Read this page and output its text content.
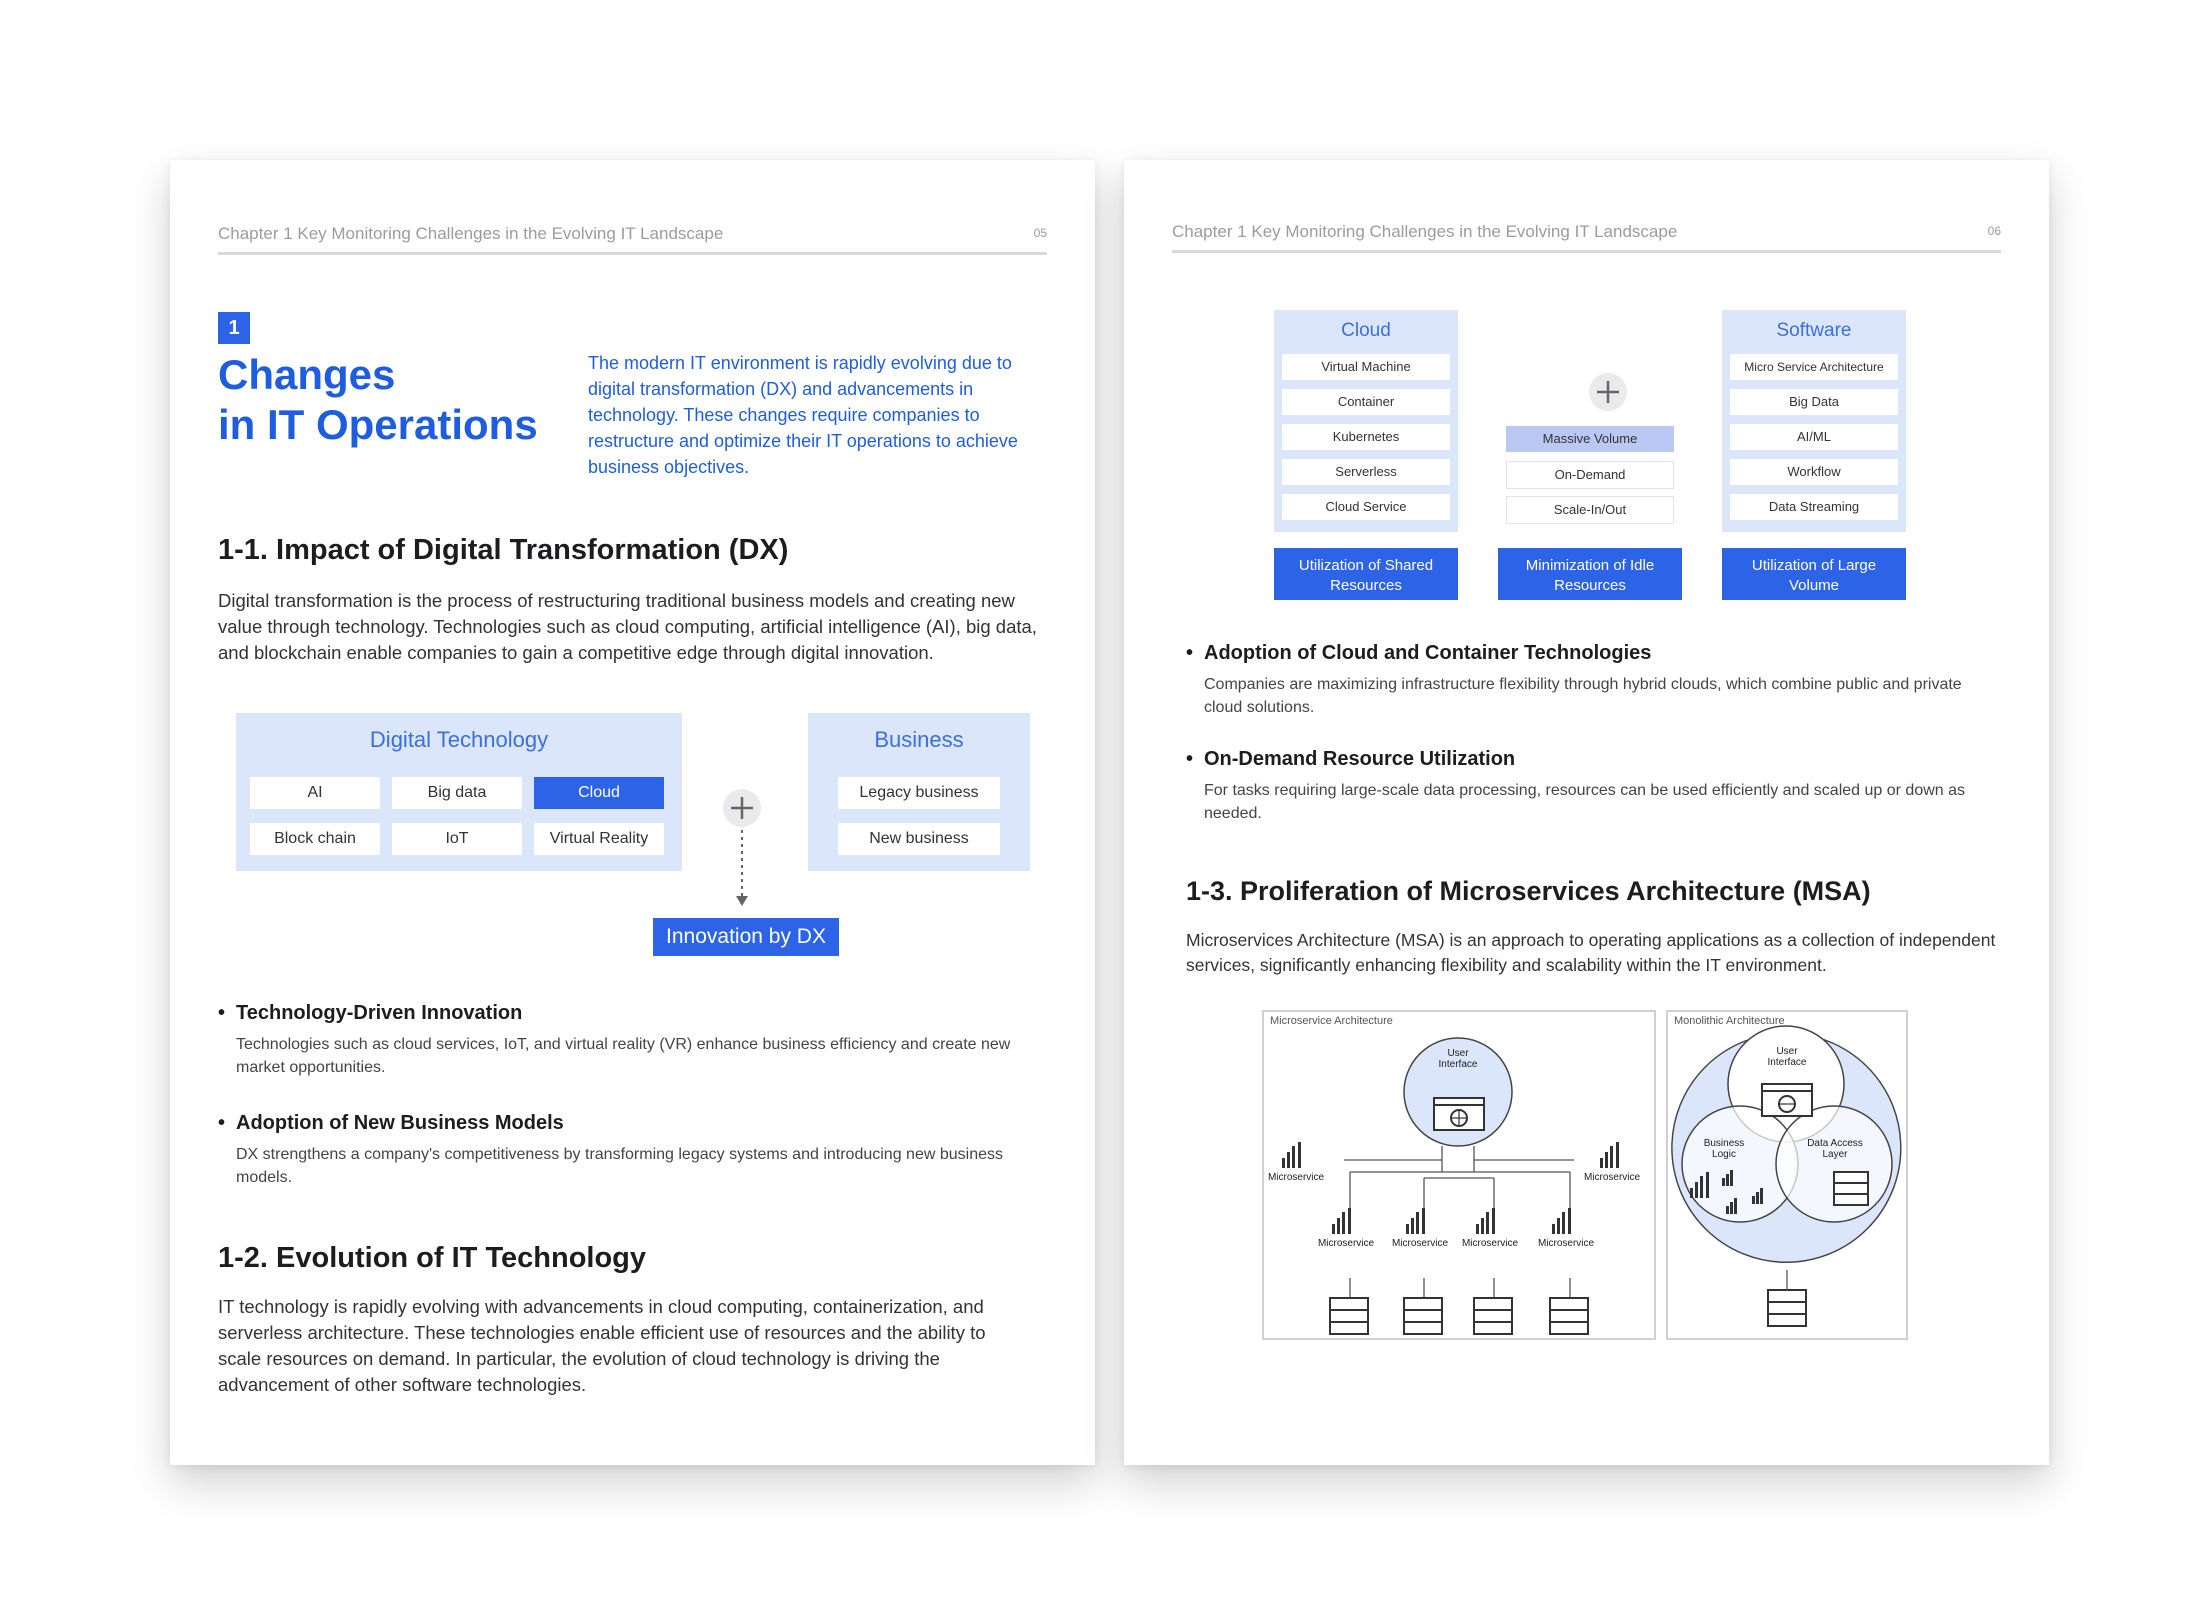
Chapter 1 Key Monitoring Challenges in the Evolving IT Landscape	05
1
Changes
in IT Operations
The modern IT environment is rapidly evolving due to digital transformation (DX) and advancements in technology. These changes require companies to restructure and optimize their IT operations to achieve business objectives.
1-1. Impact of Digital Transformation (DX)
Digital transformation is the process of restructuring traditional business models and creating new value through technology. Technologies such as cloud computing, artificial intelligence (AI), big data, and blockchain enable companies to gain a competitive edge through digital innovation.
Digital Technology
AI	Big data	Cloud
Block chain	IoT	Virtual Reality
Business
Legacy business
New business
Innovation by DX
• Technology-Driven Innovation
Technologies such as cloud services, IoT, and virtual reality (VR) enhance business efficiency and create new market opportunities.
• Adoption of New Business Models
DX strengthens a company's competitiveness by transforming legacy systems and introducing new business models.
1-2. Evolution of IT Technology
IT technology is rapidly evolving with advancements in cloud computing, containerization, and serverless architecture. These technologies enable efficient use of resources and the ability to scale resources on demand. In particular, the evolution of cloud technology is driving the advancement of other software technologies.
Chapter 1 Key Monitoring Challenges in the Evolving IT Landscape	06
Cloud
Virtual Machine
Container
Kubernetes
Serverless
Cloud Service
Utilization of Shared Resources
Massive Volume
On-Demand
Scale-In/Out
Minimization of Idle Resources
Software
Micro Service Architecture
Big Data
AI/ML
Workflow
Data Streaming
Utilization of Large Volume
• Adoption of Cloud and Container Technologies
Companies are maximizing infrastructure flexibility through hybrid clouds, which combine public and private cloud solutions.
• On-Demand Resource Utilization
For tasks requiring large-scale data processing, resources can be used efficiently and scaled up or down as needed.
1-3. Proliferation of Microservices Architecture (MSA)
Microservices Architecture (MSA) is an approach to operating applications as a collection of independent services, significantly enhancing flexibility and scalability within the IT environment.
Microservice Architecture
User Interface
Microservice	Microservice
Microservice	Microservice	Microservice	Microservice
Monolithic Architecture
User Interface
Business Logic
Data Access Layer
